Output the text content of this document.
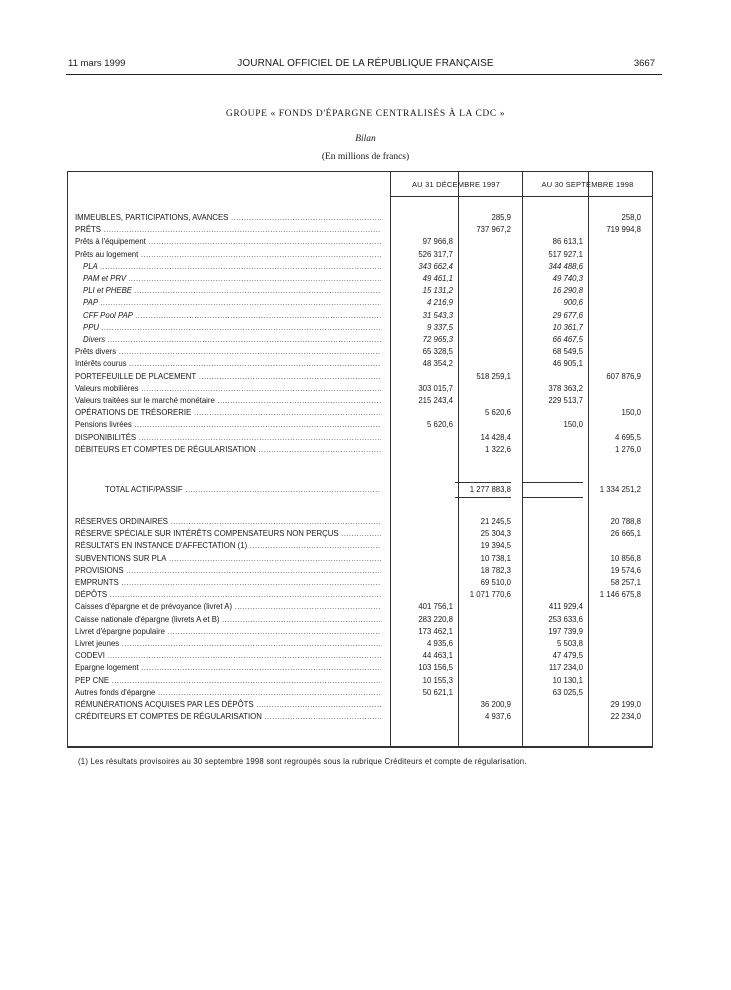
11 mars 1999	JOURNAL OFFICIEL DE LA RÉPUBLIQUE FRANÇAISE	3667
GROUPE « FONDS D'ÉPARGNE CENTRALISÉS À LA CDC »
Bilan
(En millions de francs)
AU 31 DÉCEMBRE 1997	AU 30 SEPTEMBRE 1998
IMMEUBLES, PARTICIPATIONS, AVANCES .....	285,9	258,0
PRÊTS .....	737 967,2	719 994,8
Prêts à l'équipement .....	97 966,8	86 613,1
Prêts au logement .....	526 317,7	517 927,1
PLA .....	343 662,4	344 488,6
PAM et PRV .....	49 461,1	49 740,3
PLI et PHEBE .....	15 131,2	16 290,8
PAP .....	4 216,9	900,6
CFF Pool PAP .....	31 543,3	29 677,6
PPU .....	9 337,5	10 361,7
Divers .....	72 965,3	66 467,5
Prêts divers .....	65 328,5	68 549,5
Intérêts courus .....	48 354,2	46 905,1
PORTEFEUILLE DE PLACEMENT .....	518 259,1	607 876,9
Valeurs mobilières .....	303 015,7	378 363,2
Valeurs traitées sur le marché monétaire .....	215 243,4	229 513,7
OPÉRATIONS DE TRÉSORERIE .....	5 620,6	150,0
Pensions livrées .....	5 620,6	150,0
DISPONIBILITÉS .....	14 428,4	4 695,5
DÉBITEURS ET COMPTES DE RÉGULARISATION .....	1 322,6	1 276,0
TOTAL ACTIF/PASSIF .....	1 277 883,8	1 334 251,2
RÉSERVES ORDINAIRES .....	21 245,5	20 788,8
RÉSERVE SPÉCIALE SUR INTÉRÊTS COMPENSATEURS NON PERÇUS .....	25 304,3	26 665,1
RÉSULTATS EN INSTANCE D'AFFECTATION (1) .....	19 394,5
SUBVENTIONS SUR PLA .....	10 738,1	10 856,8
PROVISIONS .....	18 782,3	19 574,6
EMPRUNTS .....	69 510,0	58 257,1
DÉPÔTS .....	1 071 770,6	1 146 675,8
Caisses d'épargne et de prévoyance (livret A) .....	401 756,1	411 929,4
Caisse nationale d'épargne (livrets A et B) .....	283 220,8	253 633,6
Livret d'épargne populaire .....	173 462,1	197 739,9
Livret jeunes .....	4 935,6	5 503,8
CODEVI .....	44 463,1	47 479,5
Epargne logement .....	103 156,5	117 234,0
PEP CNE .....	10 155,3	10 130,1
Autres fonds d'épargne .....	50 621,1	63 025,5
RÉMUNÉRATIONS ACQUISES PAR LES DÉPÔTS .....	36 200,9	29 199,0
CRÉDITEURS ET COMPTES DE RÉGULARISATION .....	4 937,6	22 234,0
(1) Les résultats provisoires au 30 septembre 1998 sont regroupés sous la rubrique Créditeurs et compte de régularisation.
